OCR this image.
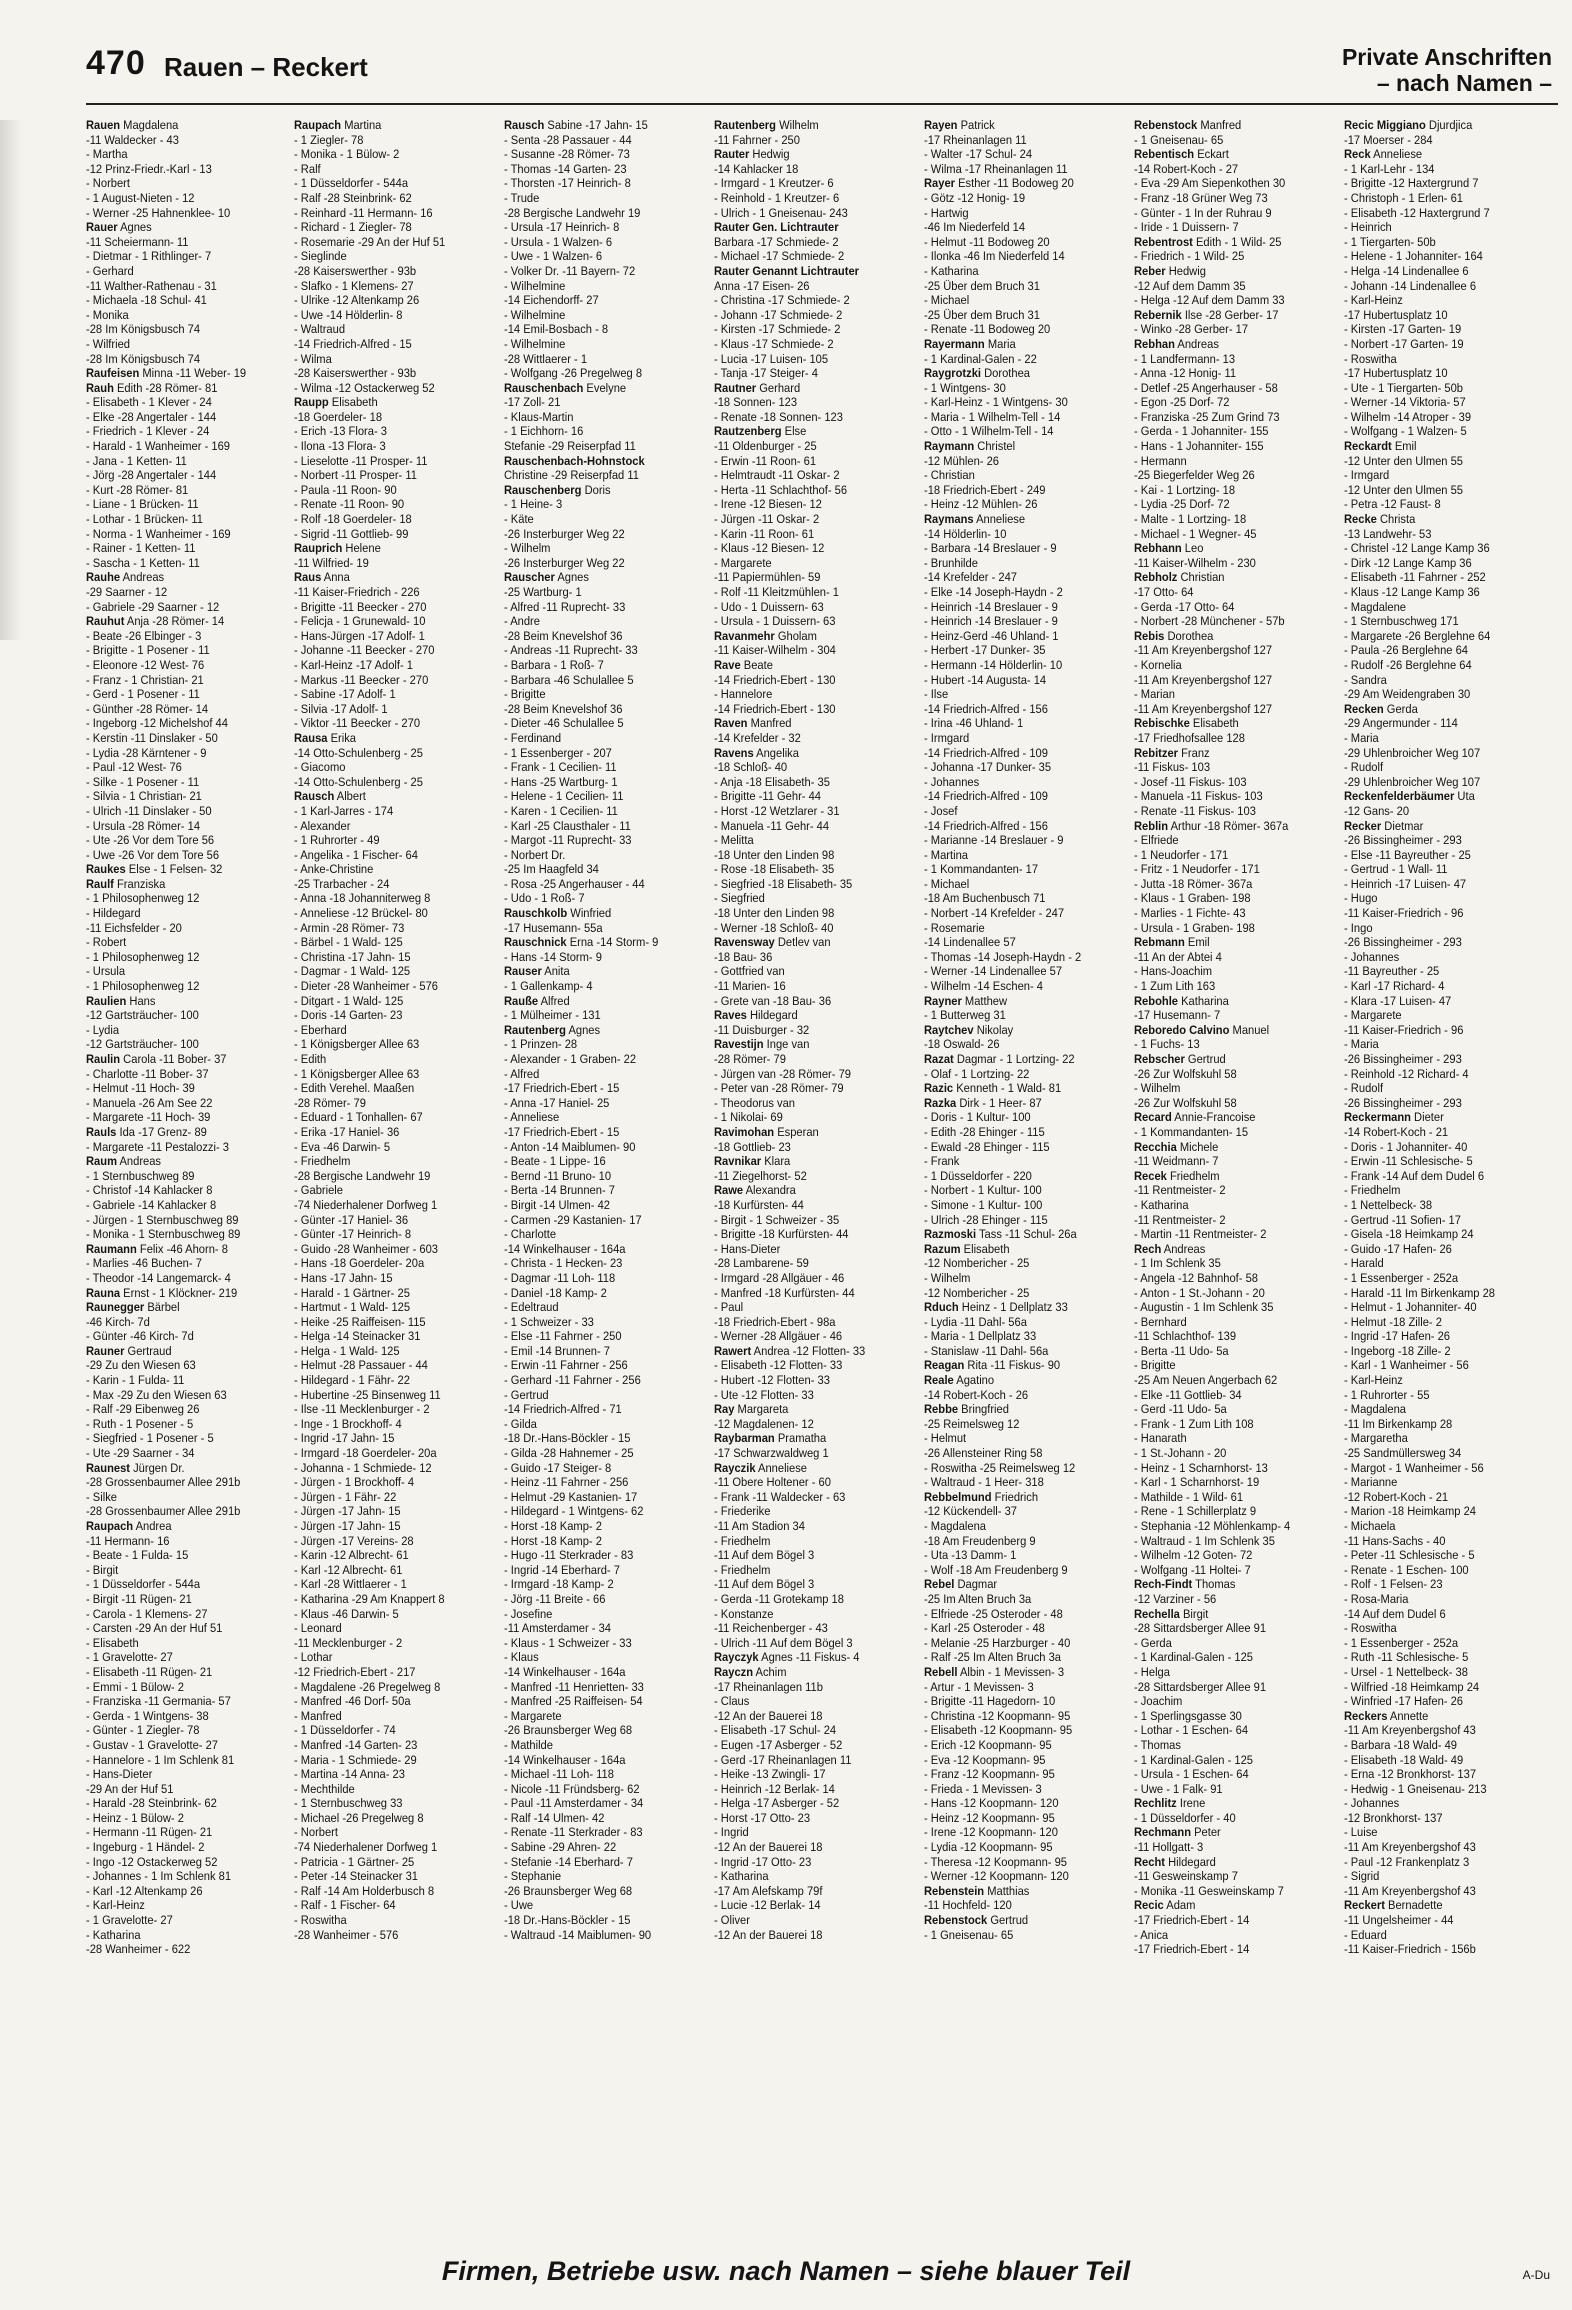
470 Rauen – Reckert	Private Anschriften
– nach Namen –
Rauen Magdalena
-11 Waldecker - 43
- Martha
-12 Prinz-Friedr.-Karl - 13
- Norbert
- 1 August-Nieten - 12
- Werner -25 Hahnenklee- 10
Rauer Agnes
-11 Scheiermann- 11
- Dietmar - 1 Rithlinger- 7
- Gerhard
-11 Walther-Rathenau - 31
- Michaela -18 Schul- 41
- Monika
-28 Im Königsbusch 74
- Wilfried
-28 Im Königsbusch 74
Raufeisen Minna -11 Weber- 19
Rauh Edith -28 Römer- 81
- Elisabeth - 1 Klever - 24
- Elke -28 Angertaler - 144
- Friedrich - 1 Klever - 24
- Harald - 1 Wanheimer - 169
- Jana - 1 Ketten- 11
- Jörg -28 Angertaler - 144
- Kurt -28 Römer- 81
- Liane - 1 Brücken- 11
- Lothar - 1 Brücken- 11
- Norma - 1 Wanheimer - 169
- Rainer - 1 Ketten- 11
- Sascha - 1 Ketten- 11
Rauhe Andreas
-29 Saarner - 12
- Gabriele -29 Saarner - 12
Rauhut Anja -28 Römer- 14
- Beate -26 Elbinger - 3
- Brigitte - 1 Posener - 11
- Eleonore -12 West- 76
- Franz - 1 Christian- 21
- Gerd - 1 Posener - 11
- Günther -28 Römer- 14
- Ingeborg -12 Michelshof 44
- Kerstin -11 Dinslaker - 50
- Lydia -28 Kärntener - 9
- Paul -12 West- 76
- Silke - 1 Posener - 11
- Silvia - 1 Christian- 21
- Ulrich -11 Dinslaker - 50
- Ursula -28 Römer- 14
- Ute -26 Vor dem Tore 56
- Uwe -26 Vor dem Tore 56
Raukes Else - 1 Felsen- 32
Raulf Franziska
- 1 Philosophenweg 12
- Hildegard
-11 Eichsfelder - 20
- Robert
- 1 Philosophenweg 12
- Ursula
- 1 Philosophenweg 12
Raulien Hans
-12 Gartsträucher- 100
- Lydia
-12 Gartsträucher- 100
Raulin Carola -11 Bober- 37
- Charlotte -11 Bober- 37
- Helmut -11 Hoch- 39
- Manuela -26 Am See 22
- Margarete -11 Hoch- 39
Rauls Ida -17 Grenz- 89
- Margarete -11 Pestalozzi- 3
Raum Andreas
- 1 Sternbuschweg 89
- Christof -14 Kahlacker 8
- Gabriele -14 Kahlacker 8
- Jürgen - 1 Sternbuschweg 89
- Monika - 1 Sternbuschweg 89
Raumann Felix -46 Ahorn- 8
- Marlies -46 Buchen- 7
- Theodor -14 Langemarck- 4
Rauna Ernst - 1 Klöckner- 219
Raunegger Bärbel
-46 Kirch- 7d
- Günter -46 Kirch- 7d
Rauner Gertraud
-29 Zu den Wiesen 63
- Karin - 1 Fulda- 11
- Max -29 Zu den Wiesen 63
- Ralf -29 Eibenweg 26
- Ruth - 1 Posener - 5
- Siegfried - 1 Posener - 5
- Ute -29 Saarner - 34
Raunest Jürgen Dr.
-28 Grossenbaumer Allee 291b
- Silke
-28 Grossenbaumer Allee 291b
Raupach Andrea
-11 Hermann- 16
- Beate - 1 Fulda- 15
- Birgit
- 1 Düsseldorfer - 544a
- Birgit -11 Rügen- 21
- Carola - 1 Klemens- 27
- Carsten -29 An der Huf 51
- Elisabeth
- 1 Gravelotte- 27
- Elisabeth -11 Rügen- 21
- Emmi - 1 Bülow- 2
- Franziska -11 Germania- 57
- Gerda - 1 Wintgens- 38
- Günter - 1 Ziegler- 78
- Gustav - 1 Gravelotte- 27
- Hannelore - 1 Im Schlenk 81
- Hans-Dieter
-29 An der Huf 51
- Harald -28 Steinbrink- 62
- Heinz - 1 Bülow- 2
- Hermann -11 Rügen- 21
- Ingeburg - 1 Händel- 2
- Ingo -12 Ostackerweg 52
- Johannes - 1 Im Schlenk 81
- Karl -12 Altenkamp 26
- Karl-Heinz
- 1 Gravelotte- 27
- Katharina
-28 Wanheimer - 622
Raupach Martina
- 1 Ziegler- 78
- Monika - 1 Bülow- 2
- Ralf
- 1 Düsseldorfer - 544a
- Ralf -28 Steinbrink- 62
- Reinhard -11 Hermann- 16
- Richard - 1 Ziegler- 78
- Rosemarie -29 An der Huf 51
- Sieglinde
-28 Kaiserswerther - 93b
- Slafko - 1 Klemens- 27
- Ulrike -12 Altenkamp 26
- Uwe -14 Hölderlin- 8
- Waltraud
-14 Friedrich-Alfred - 15
- Wilma
-28 Kaiserswerther - 93b
- Wilma -12 Ostackerweg 52
Raupp Elisabeth
-18 Goerdeler- 18
- Erich -13 Flora- 3
- Ilona -13 Flora- 3
- Lieselotte -11 Prosper- 11
- Norbert -11 Prosper- 11
- Paula -11 Roon- 90
- Renate -11 Roon- 90
- Rolf -18 Goerdeler- 18
- Sigrid -11 Gottlieb- 99
Rauprich Helene
-11 Wilfried- 19
Raus Anna
-11 Kaiser-Friedrich - 226
- Brigitte -11 Beecker - 270
- Felicja - 1 Grunewald- 10
- Hans-Jürgen -17 Adolf- 1
- Johanne -11 Beecker - 270
- Karl-Heinz -17 Adolf- 1
- Markus -11 Beecker - 270
- Sabine -17 Adolf- 1
- Silvia -17 Adolf- 1
- Viktor -11 Beecker - 270
Rausa Erika
-14 Otto-Schulenberg - 25
- Giacomo
-14 Otto-Schulenberg - 25
Rausch Albert
- 1 Karl-Jarres - 174
- Alexander
- 1 Ruhrorter - 49
- Angelika - 1 Fischer- 64
- Anke-Christine
-25 Trarbacher - 24
- Anna -18 Johanniterweg 8
- Anneliese -12 Brückel- 80
- Armin -28 Römer- 73
- Bärbel - 1 Wald- 125
- Christina -17 Jahn- 15
- Dagmar - 1 Wald- 125
- Dieter -28 Wanheimer - 576
- Ditgart - 1 Wald- 125
- Doris -14 Garten- 23
- Eberhard
- 1 Königsberger Allee 63
- Edith
- 1 Königsberger Allee 63
- Edith Verehel. Maaßen
-28 Römer- 79
- Eduard - 1 Tonhallen- 67
- Erika -17 Haniel- 36
- Eva -46 Darwin- 5
- Friedhelm
-28 Bergische Landwehr 19
- Gabriele
-74 Niederhalener Dorfweg 1
- Günter -17 Haniel- 36
- Günter -17 Heinrich- 8
- Guido -28 Wanheimer - 603
- Hans -18 Goerdeler- 20a
- Hans -17 Jahn- 15
- Harald - 1 Gärtner- 25
- Hartmut - 1 Wald- 125
- Heike -25 Raiffeisen- 115
- Helga -14 Steinacker 31
- Helga - 1 Wald- 125
- Helmut -28 Passauer - 44
- Hildegard - 1 Fähr- 22
- Hubertine -25 Binsenweg 11
- Ilse -11 Mecklenburger - 2
- Inge - 1 Brockhoff- 4
- Ingrid -17 Jahn- 15
- Irmgard -18 Goerdeler- 20a
- Johanna - 1 Schmiede- 12
- Jürgen - 1 Brockhoff- 4
- Jürgen - 1 Fähr- 22
- Jürgen -17 Jahn- 15
- Jürgen -17 Jahn- 15
- Jürgen -17 Vereins- 28
- Karin -12 Albrecht- 61
- Karl -12 Albrecht- 61
- Karl -28 Wittlaerer - 1
- Katharina -29 Am Knappert 8
- Klaus -46 Darwin- 5
- Leonard
-11 Mecklenburger - 2
- Lothar
-12 Friedrich-Ebert - 217
- Magdalene -26 Pregelweg 8
- Manfred -46 Dorf- 50a
- Manfred
- 1 Düsseldorfer - 74
- Manfred -14 Garten- 23
- Maria - 1 Schmiede- 29
- Martina -14 Anna- 23
- Mechthilde
- 1 Sternbuschweg 33
- Michael -26 Pregelweg 8
- Norbert
-74 Niederhalener Dorfweg 1
- Patricia - 1 Gärtner- 25
- Peter -14 Steinacker 31
- Ralf -14 Am Holderbusch 8
- Ralf - 1 Fischer- 64
- Roswitha
-28 Wanheimer - 576
Rausch Sabine -17 Jahn- 15
- Senta -28 Passauer - 44
- Susanne -28 Römer- 73
- Thomas -14 Garten- 23
- Thorsten -17 Heinrich- 8
- Trude
-28 Bergische Landwehr 19
- Ursula -17 Heinrich- 8
- Ursula - 1 Walzen- 6
- Uwe - 1 Walzen- 6
- Volker Dr. -11 Bayern- 72
- Wilhelmine
-14 Eichendorff- 27
- Wilhelmine
-14 Emil-Bosbach - 8
- Wilhelmine
-28 Wittlaerer - 1
- Wolfgang -26 Pregelweg 8
Rauschenbach Evelyne
-17 Zoll- 21
- Klaus-Martin
- 1 Eichhorn- 16
Stefanie -29 Reiserpfad 11
Rauschenbach-Hohnstock
Christine -29 Reiserpfad 11
Rauschenberg Doris
- 1 Heine- 3
- Käte
-26 Insterburger Weg 22
- Wilhelm
-26 Insterburger Weg 22
Rauscher Agnes
-25 Wartburg- 1
- Alfred -11 Ruprecht- 33
- Andre
-28 Beim Knevelshof 36
- Andreas -11 Ruprecht- 33
- Barbara - 1 Roß- 7
- Barbara -46 Schulallee 5
- Brigitte
-28 Beim Knevelshof 36
- Dieter -46 Schulallee 5
- Ferdinand
- 1 Essenberger - 207
- Frank - 1 Cecilien- 11
- Hans -25 Wartburg- 1
- Helene - 1 Cecilien- 11
- Karen - 1 Cecilien- 11
- Karl -25 Clausthaler - 11
- Margot -11 Ruprecht- 33
- Norbert Dr.
-25 Im Haagfeld 34
- Rosa -25 Angerhauser - 44
- Udo - 1 Roß- 7
Rauschkolb Winfried
-17 Husemann- 55a
Rauschnick Erna -14 Storm- 9
- Hans -14 Storm- 9
Rauser Anita
- 1 Gallenkamp- 4
Rauße Alfred
- 1 Mülheimer - 131
Rautenberg Agnes
- 1 Prinzen- 28
- Alexander - 1 Graben- 22
- Alfred
-17 Friedrich-Ebert - 15
- Anna -17 Haniel- 25
- Anneliese
-17 Friedrich-Ebert - 15
- Anton -14 Maiblumen- 90
- Beate - 1 Lippe- 16
- Bernd -11 Bruno- 10
- Berta -14 Brunnen- 7
- Birgit -14 Ulmen- 42
- Carmen -29 Kastanien- 17
- Charlotte
-14 Winkelhauser - 164a
- Christa - 1 Hecken- 23
- Dagmar -11 Loh- 118
- Daniel -18 Kamp- 2
- Edeltraud
- 1 Schweizer - 33
- Else -11 Fahrner - 250
- Emil -14 Brunnen- 7
- Erwin -11 Fahrner - 256
- Gerhard -11 Fahrner - 256
- Gertrud
-14 Friedrich-Alfred - 71
- Gilda
-18 Dr.-Hans-Böckler - 15
- Gilda -28 Hahnemer - 25
- Guido -17 Steiger- 8
- Heinz -11 Fahrner - 256
- Helmut -29 Kastanien- 17
- Hildegard - 1 Wintgens- 62
- Horst -18 Kamp- 2
- Horst -18 Kamp- 2
- Hugo -11 Sterkrader - 83
- Ingrid -14 Eberhard- 7
- Irmgard -18 Kamp- 2
- Jörg -11 Breite - 66
- Josefine
-11 Amsterdamer - 34
- Klaus - 1 Schweizer - 33
- Klaus
-14 Winkelhauser - 164a
- Manfred -11 Henrietten- 33
- Manfred -25 Raiffeisen- 54
- Margarete
-26 Braunsberger Weg 68
- Mathilde
-14 Winkelhauser - 164a
- Michael -11 Loh- 118
- Nicole -11 Fründsberg- 62
- Paul -11 Amsterdamer - 34
- Ralf -14 Ulmen- 42
- Renate -11 Sterkrader - 83
- Sabine -29 Ahren- 22
- Stefanie -14 Eberhard- 7
- Stephanie
-26 Braunsberger Weg 68
- Uwe
-18 Dr.-Hans-Böckler - 15
- Waltraud -14 Maiblumen- 90
Rautenberg Wilhelm
-11 Fahrner - 250
Rauter Hedwig
-14 Kahlacker 18
- Irmgard - 1 Kreutzer- 6
- Reinhold - 1 Kreutzer- 6
- Ulrich - 1 Gneisenau- 243
Rauter Gen. Lichtrauter
Barbara -17 Schmiede- 2
- Michael -17 Schmiede- 2
Rauter Genannt Lichtrauter
Anna -17 Eisen- 26
- Christina -17 Schmiede- 2
- Johann -17 Schmiede- 2
- Kirsten -17 Schmiede- 2
- Klaus -17 Schmiede- 2
- Lucia -17 Luisen- 105
- Tanja -17 Steiger- 4
Rautner Gerhard
-18 Sonnen- 123
- Renate -18 Sonnen- 123
Rautzenberg Else
-11 Oldenburger - 25
- Erwin -11 Roon- 61
- Helmtraudt -11 Oskar- 2
- Herta -11 Schlachthof- 56
- Irene -12 Biesen- 12
- Jürgen -11 Oskar- 2
- Karin -11 Roon- 61
- Klaus -12 Biesen- 12
- Margarete
-11 Papiermühlen- 59
- Rolf -11 Kleitzmühlen- 1
- Udo - 1 Duissern- 63
- Ursula - 1 Duissern- 63
Ravanmehr Gholam
-11 Kaiser-Wilhelm - 304
Rave Beate
-14 Friedrich-Ebert - 130
- Hannelore
-14 Friedrich-Ebert - 130
Raven Manfred
-14 Krefelder - 32
Ravens Angelika
-18 Schloß- 40
- Anja -18 Elisabeth- 35
- Brigitte -11 Gehr- 44
- Horst -12 Wetzlarer - 31
- Manuela -11 Gehr- 44
- Melitta
-18 Unter den Linden 98
- Rose -18 Elisabeth- 35
- Siegfried -18 Elisabeth- 35
- Siegfried
-18 Unter den Linden 98
- Werner -18 Schloß- 40
Ravensway Detlev van
-18 Bau- 36
- Gottfried van
-11 Marien- 16
- Grete van -18 Bau- 36
Raves Hildegard
-11 Duisburger - 32
Ravestijn Inge van
-28 Römer- 79
- Jürgen van -28 Römer- 79
- Peter van -28 Römer- 79
- Theodorus van
- 1 Nikolai- 69
Ravimohan Esperan
-18 Gottlieb- 23
Ravnikar Klara
-11 Ziegelhorst- 52
Rawe Alexandra
-18 Kurfürsten- 44
- Birgit - 1 Schweizer - 35
- Brigitte -18 Kurfürsten- 44
- Hans-Dieter
-28 Lambarene- 59
- Irmgard -28 Allgäuer - 46
- Manfred -18 Kurfürsten- 44
- Paul
-18 Friedrich-Ebert - 98a
- Werner -28 Allgäuer - 46
Rawert Andrea -12 Flotten- 33
- Elisabeth -12 Flotten- 33
- Hubert -12 Flotten- 33
- Ute -12 Flotten- 33
Ray Margareta
-12 Magdalenen- 12
Raybarman Pramatha
-17 Schwarzwaldweg 1
Rayczik Anneliese
-11 Obere Holtener - 60
- Frank -11 Waldecker - 63
- Friederike
-11 Am Stadion 34
- Friedhelm
-11 Auf dem Bögel 3
- Friedhelm
-11 Auf dem Bögel 3
- Gerda -11 Grotekamp 18
- Konstanze
-11 Reichenberger - 43
- Ulrich -11 Auf dem Bögel 3
Rayczyk Agnes -11 Fiskus- 4
Rayczn Achim
-17 Rheinanlagen 11b
- Claus
-12 An der Bauerei 18
- Elisabeth -17 Schul- 24
- Eugen -17 Asberger - 52
- Gerd -17 Rheinanlagen 11
- Heike -13 Zwingli- 17
- Heinrich -12 Berlak- 14
- Helga -17 Asberger - 52
- Horst -17 Otto- 23
- Ingrid
-12 An der Bauerei 18
- Ingrid -17 Otto- 23
- Katharina
-17 Am Alefskamp 79f
- Lucie -12 Berlak- 14
- Oliver
-12 An der Bauerei 18
Rayen Patrick
-17 Rheinanlagen 11
- Walter -17 Schul- 24
- Wilma -17 Rheinanlagen 11
Rayer Esther -11 Bodoweg 20
- Götz -12 Honig- 19
- Hartwig
-46 Im Niederfeld 14
- Helmut -11 Bodoweg 20
- Ilonka -46 Im Niederfeld 14
- Katharina
-25 Über dem Bruch 31
- Michael
-25 Über dem Bruch 31
- Renate -11 Bodoweg 20
Rayermann Maria
- 1 Kardinal-Galen - 22
Raygrotzki Dorothea
- 1 Wintgens- 30
- Karl-Heinz - 1 Wintgens- 30
- Maria - 1 Wilhelm-Tell - 14
- Otto - 1 Wilhelm-Tell - 14
Raymann Christel
-12 Mühlen- 26
- Christian
-18 Friedrich-Ebert - 249
- Heinz -12 Mühlen- 26
Raymans Anneliese
-14 Hölderlin- 10
- Barbara -14 Breslauer - 9
- Brunhilde
-14 Krefelder - 247
- Elke -14 Joseph-Haydn - 2
- Heinrich -14 Breslauer - 9
- Heinrich -14 Breslauer - 9
- Heinz-Gerd -46 Uhland- 1
- Herbert -17 Dunker- 35
- Hermann -14 Hölderlin- 10
- Hubert -14 Augusta- 14
- Ilse
-14 Friedrich-Alfred - 156
- Irina -46 Uhland- 1
- Irmgard
-14 Friedrich-Alfred - 109
- Johanna -17 Dunker- 35
- Johannes
-14 Friedrich-Alfred - 109
- Josef
-14 Friedrich-Alfred - 156
- Marianne -14 Breslauer - 9
- Martina
- 1 Kommandanten- 17
- Michael
-18 Am Buchenbusch 71
- Norbert -14 Krefelder - 247
- Rosemarie
-14 Lindenallee 57
- Thomas -14 Joseph-Haydn - 2
- Werner -14 Lindenallee 57
- Wilhelm -14 Eschen- 4
Rayner Matthew
- 1 Butterweg 31
Raytchev Nikolay
-18 Oswald- 26
Razat Dagmar - 1 Lortzing- 22
- Olaf - 1 Lortzing- 22
Razic Kenneth - 1 Wald- 81
Razka Dirk - 1 Heer- 87
- Doris - 1 Kultur- 100
- Edith -28 Ehinger - 115
- Ewald -28 Ehinger - 115
- Frank
- 1 Düsseldorfer - 220
- Norbert - 1 Kultur- 100
- Simone - 1 Kultur- 100
- Ulrich -28 Ehinger - 115
Razmoski Tass -11 Schul- 26a
Razum Elisabeth
-12 Nombericher - 25
- Wilhelm
-12 Nombericher - 25
Rduch Heinz - 1 Dellplatz 33
- Lydia -11 Dahl- 56a
- Maria - 1 Dellplatz 33
- Stanislaw -11 Dahl- 56a
Reagan Rita -11 Fiskus- 90
Reale Agatino
-14 Robert-Koch - 26
Rebbe Bringfried
-25 Reimelsweg 12
- Helmut
-26 Allensteiner Ring 58
- Roswitha -25 Reimelsweg 12
- Waltraud - 1 Heer- 318
Rebbelmund Friedrich
-12 Kückendell- 37
- Magdalena
-18 Am Freudenberg 9
- Uta -13 Damm- 1
- Wolf -18 Am Freudenberg 9
Rebel Dagmar
-25 Im Alten Bruch 3a
- Elfriede -25 Osteroder - 48
- Karl -25 Osteroder - 48
- Melanie -25 Harzburger - 40
- Ralf -25 Im Alten Bruch 3a
Rebell Albin - 1 Mevissen- 3
- Artur - 1 Mevissen- 3
- Brigitte -11 Hagedorn- 10
- Christina -12 Koopmann- 95
- Elisabeth -12 Koopmann- 95
- Erich -12 Koopmann- 95
- Eva -12 Koopmann- 95
- Franz -12 Koopmann- 95
- Frieda - 1 Mevissen- 3
- Hans -12 Koopmann- 120
- Heinz -12 Koopmann- 95
- Irene -12 Koopmann- 120
- Lydia -12 Koopmann- 95
- Theresa -12 Koopmann- 95
- Werner -12 Koopmann- 120
Rebenstein Matthias
-11 Hochfeld- 120
Rebenstock Gertrud
- 1 Gneisenau- 65
Rebenstock Manfred
- 1 Gneisenau- 65
Rebentisch Eckart
-14 Robert-Koch - 27
- Eva -29 Am Siepenkothen 30
- Franz -18 Grüner Weg 73
- Günter - 1 In der Ruhrau 9
- Iride - 1 Duissern- 7
Rebentrost Edith - 1 Wild- 25
- Friedrich - 1 Wild- 25
Reber Hedwig
-12 Auf dem Damm 35
- Helga -12 Auf dem Damm 33
Rebernik Ilse -28 Gerber- 17
- Winko -28 Gerber- 17
Rebhan Andreas
- 1 Landfermann- 13
- Anna -12 Honig- 11
- Detlef -25 Angerhauser - 58
- Egon -25 Dorf- 72
- Franziska -25 Zum Grind 73
- Gerda - 1 Johanniter- 155
- Hans - 1 Johanniter- 155
- Hermann
-25 Biegerfelder Weg 26
- Kai - 1 Lortzing- 18
- Lydia -25 Dorf- 72
- Malte - 1 Lortzing- 18
- Michael - 1 Wegner- 45
Rebhann Leo
-11 Kaiser-Wilhelm - 230
Rebholz Christian
-17 Otto- 64
- Gerda -17 Otto- 64
- Norbert -28 Münchener - 57b
Rebis Dorothea
-11 Am Kreyenbergshof 127
- Kornelia
-11 Am Kreyenbergshof 127
- Marian
-11 Am Kreyenbergshof 127
Rebischke Elisabeth
-17 Friedhofsallee 128
Rebitzer Franz
-11 Fiskus- 103
- Josef -11 Fiskus- 103
- Manuela -11 Fiskus- 103
- Renate -11 Fiskus- 103
Reblin Arthur -18 Römer- 367a
- Elfriede
- 1 Neudorfer - 171
- Fritz - 1 Neudorfer - 171
- Jutta -18 Römer- 367a
- Klaus - 1 Graben- 198
- Marlies - 1 Fichte- 43
- Ursula - 1 Graben- 198
Rebmann Emil
-11 An der Abtei 4
- Hans-Joachim
- 1 Zum Lith 163
Rebohle Katharina
-17 Husemann- 7
Reboredo Calvino Manuel
- 1 Fuchs- 13
Rebscher Gertrud
-26 Zur Wolfskuhl 58
- Wilhelm
-26 Zur Wolfskuhl 58
Recard Annie-Francoise
- 1 Kommandanten- 15
Recchia Michele
-11 Weidmann- 7
Recek Friedhelm
-11 Rentmeister- 2
- Katharina
-11 Rentmeister- 2
- Martin -11 Rentmeister- 2
Rech Andreas
- 1 Im Schlenk 35
- Angela -12 Bahnhof- 58
- Anton - 1 St.-Johann - 20
- Augustin - 1 Im Schlenk 35
- Bernhard
-11 Schlachthof- 139
- Berta -11 Udo- 5a
- Brigitte
-25 Am Neuen Angerbach 62
- Elke -11 Gottlieb- 34
- Gerd -11 Udo- 5a
- Frank - 1 Zum Lith 108
- Hanarath
- 1 St.-Johann - 20
- Heinz - 1 Scharnhorst- 13
- Karl - 1 Scharnhorst- 19
- Mathilde - 1 Wild- 61
- Rene - 1 Schillerplatz 9
- Stephania -12 Möhlenkamp- 4
- Waltraud - 1 Im Schlenk 35
- Wilhelm -12 Goten- 72
- Wolfgang -11 Holtei- 7
Rech-Findt Thomas
-12 Varziner - 56
Rechella Birgit
-28 Sittardsberger Allee 91
- Gerda
- 1 Kardinal-Galen - 125
- Helga
-28 Sittardsberger Allee 91
- Joachim
- 1 Sperlingsgasse 30
- Lothar - 1 Eschen- 64
- Thomas
- 1 Kardinal-Galen - 125
- Ursula - 1 Eschen- 64
- Uwe - 1 Falk- 91
Rechlitz Irene
- 1 Düsseldorfer - 40
Rechmann Peter
-11 Hollgatt- 3
Recht Hildegard
-11 Gesweinskamp 7
- Monika -11 Gesweinskamp 7
Recic Adam
-17 Friedrich-Ebert - 14
- Anica
-17 Friedrich-Ebert - 14
Recic Miggiano Djurdjica
-17 Moerser - 284
Reck Anneliese
- 1 Karl-Lehr - 134
- Brigitte -12 Haxtergrund 7
- Christoph - 1 Erlen- 61
- Elisabeth -12 Haxtergrund 7
- Heinrich
- 1 Tiergarten- 50b
- Helene - 1 Johanniter- 164
- Helga -14 Lindenallee 6
- Johann -14 Lindenallee 6
- Karl-Heinz
-17 Hubertusplatz 10
- Kirsten -17 Garten- 19
- Norbert -17 Garten- 19
- Roswitha
-17 Hubertusplatz 10
- Ute - 1 Tiergarten- 50b
- Werner -14 Viktoria- 57
- Wilhelm -14 Atroper - 39
- Wolfgang - 1 Walzen- 5
Reckardt Emil
-12 Unter den Ulmen 55
- Irmgard
-12 Unter den Ulmen 55
- Petra -12 Faust- 8
Recke Christa
-13 Landwehr- 53
- Christel -12 Lange Kamp 36
- Dirk -12 Lange Kamp 36
- Elisabeth -11 Fahrner - 252
- Klaus -12 Lange Kamp 36
- Magdalene
- 1 Sternbuschweg 171
- Margarete -26 Berglehne 64
- Paula -26 Berglehne 64
- Rudolf -26 Berglehne 64
- Sandra
-29 Am Weidengraben 30
Recken Gerda
-29 Angermunder - 114
- Maria
-29 Uhlenbroicher Weg 107
- Rudolf
-29 Uhlenbroicher Weg 107
Reckenfelderbäumer Uta
-12 Gans- 20
Recker Dietmar
-26 Bissingheimer - 293
- Else -11 Bayreuther - 25
- Gertrud - 1 Wall- 11
- Heinrich -17 Luisen- 47
- Hugo
-11 Kaiser-Friedrich - 96
- Ingo
-26 Bissingheimer - 293
- Johannes
-11 Bayreuther - 25
- Karl -17 Richard- 4
- Klara -17 Luisen- 47
- Margarete
-11 Kaiser-Friedrich - 96
- Maria
-26 Bissingheimer - 293
- Reinhold -12 Richard- 4
- Rudolf
-26 Bissingheimer - 293
Reckermann Dieter
-14 Robert-Koch - 21
- Doris - 1 Johanniter- 40
- Erwin -11 Schlesische- 5
- Frank -14 Auf dem Dudel 6
- Friedhelm
- 1 Nettelbeck- 38
- Gertrud -11 Sofien- 17
- Gisela -18 Heimkamp 24
- Guido -17 Hafen- 26
- Harald
- 1 Essenberger - 252a
- Harald -11 Im Birkenkamp 28
- Helmut - 1 Johanniter- 40
- Helmut -18 Zille- 2
- Ingrid -17 Hafen- 26
- Ingeborg -18 Zille- 2
- Karl - 1 Wanheimer - 56
- Karl-Heinz
- 1 Ruhrorter - 55
- Magdalena
-11 Im Birkenkamp 28
- Margaretha
-25 Sandmüllersweg 34
- Margot - 1 Wanheimer - 56
- Marianne
-12 Robert-Koch - 21
- Marion -18 Heimkamp 24
- Michaela
-11 Hans-Sachs - 40
- Peter -11 Schlesische - 5
- Renate - 1 Eschen- 100
- Rolf - 1 Felsen- 23
- Rosa-Maria
-14 Auf dem Dudel 6
- Roswitha
- 1 Essenberger - 252a
- Ruth -11 Schlesische- 5
- Ursel - 1 Nettelbeck- 38
- Wilfried -18 Heimkamp 24
- Winfried -17 Hafen- 26
Reckers Annette
-11 Am Kreyenbergshof 43
- Barbara -18 Wald- 49
- Elisabeth -18 Wald- 49
- Erna -12 Bronkhorst- 137
- Hedwig - 1 Gneisenau- 213
- Johannes
-12 Bronkhorst- 137
- Luise
-11 Am Kreyenbergshof 43
- Paul -12 Frankenplatz 3
- Sigrid
-11 Am Kreyenbergshof 43
Reckert Bernadette
-11 Ungelsheimer - 44
- Eduard
-11 Kaiser-Friedrich - 156b
Firmen, Betriebe usw. nach Namen – siehe blauer Teil	A-Du
